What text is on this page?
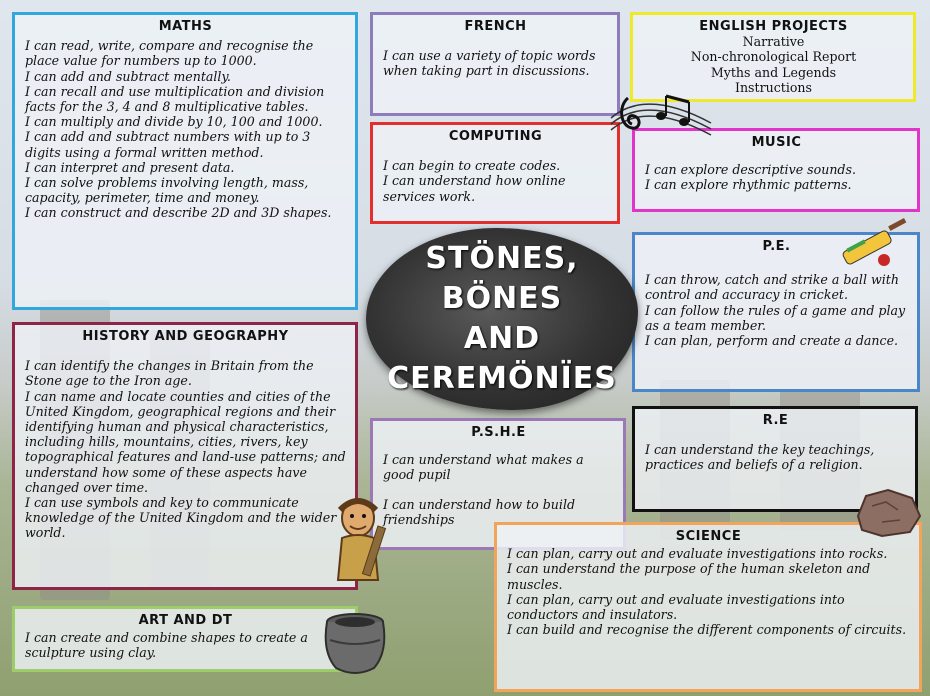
MATHS

I can read, write, compare and recognise the place value for numbers up to 1000.

I can add and subtract mentally.

I can recall and use multiplication and division facts for the 3, 4 and 8 multiplicative tables.

I can multiply and divide by 10, 100 and 1000.

I can add and subtract numbers with up to 3 digits using a formal written method.

I can interpret and present data.

I can solve problems involving length, mass, capacity, perimeter, time and money.

I can construct and describe 2D and 3D shapes.

FRENCH

I can use a variety of topic words when taking part in discussions.

ENGLISH PROJECTS

Narrative

Non-chronological Report

Myths and Legends

Instructions

COMPUTING

I can begin to create codes.

I can understand how online services work.

MUSIC

I can explore descriptive sounds.

I can explore rhythmic patterns.

P.E.

I can throw, catch and strike a ball with control and accuracy in cricket.

I can follow the rules of a game and play as a team member.

I can plan, perform and create a dance.

HISTORY AND GEOGRAPHY

I can identify the changes in Britain from the Stone age to the Iron age.

I can name and locate counties and cities of the United Kingdom, geographical regions and their identifying human and physical characteristics, including hills, mountains, cities, rivers, key topographical features and land-use patterns; and understand how some of these aspects have changed over time.

I can use symbols and key to communicate knowledge of the United Kingdom and the wider world.

P.S.H.E

I can understand what makes a good pupil

I can understand how to build friendships

R.E

I can understand the key teachings, practices and beliefs of a religion.

SCIENCE

I can plan, carry out and evaluate investigations into rocks.

I can understand the purpose of the human skeleton and muscles.

I can plan, carry out and evaluate investigations into conductors and insulators.

I can build and recognise the different components of circuits.

ART AND DT

I can create and combine shapes to create a sculpture using clay.

STÖNES, BÖNES
AND
CEREMÖNÏES
